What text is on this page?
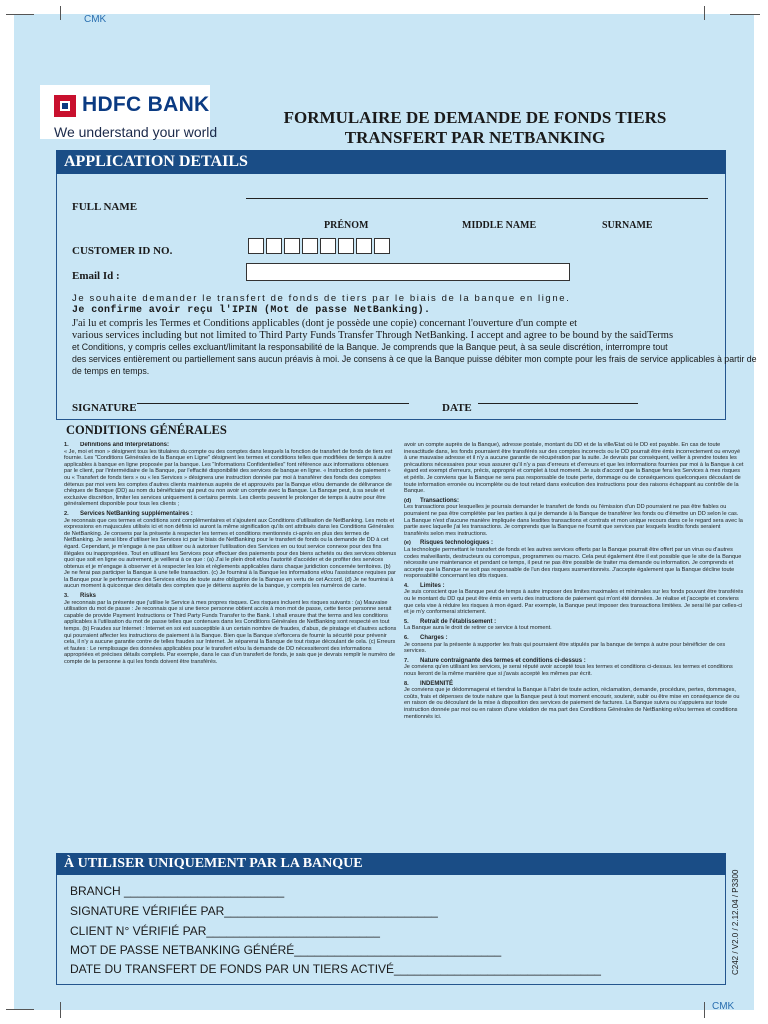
CMK
CMK
HDFC BANK
We understand your world
FORMULAIRE DE DEMANDE DE FONDS TIERS
TRANSFERT PAR NETBANKING
APPLICATION DETAILS
FULL NAME
PRÉNOM	MIDDLE NAME	SURNAME
CUSTOMER ID NO.
Email Id :
Je souhaite demander le transfert de fonds de tiers par le biais de la banque en ligne.
Je confirme avoir reçu l'IPIN (Mot de passe NetBanking).
J'ai lu et compris les Termes et Conditions applicables (dont je possède une copie) concernant l'ouverture d'un compte et
various services including but not limited to Third Party Funds Transfer Through NetBanking. I accept and agree to be bound by the saidTerms
et Conditions, y compris celles excluant/limitant la responsabilité de la Banque. Je comprends que la Banque peut, à sa seule discrétion, interrompre tout
des services entièrement ou partiellement sans aucun préavis à moi. Je consens à ce que la Banque puisse débiter mon compte pour les frais de service applicables à partir de
de temps en temps.
SIGNATURE	DATE
CONDITIONS GÉNÉRALES

1. Definitions and Interpretations:
« Je, moi et mon » désignent tous les titulaires du compte ou des comptes dans lesquels la fonction de transfert de fonds de tiers est fournie. Les "Conditions Générales de la Banque en Ligne" désignent les termes et conditions telles que modifiées de temps à autre applicables à banque en ligne proposée par la banque. Les "Informations Confidentielles" font référence aux informations obtenues par le client, par l'intermédiaire de la Banque, par l'effacité disponibilité des services de banque en ligne. « Instruction de paiement » ou « Transfert de fonds tiers » ou « les Services » désignera une instruction donnée par moi à transférer des fonds des comptes détenus par moi vers les comptes d'autres clients maintenus auprès de et approuvés par la Banque et/ou demande de délivrance de chèques de Banque (DD) au nom du bénéficiaire qui peut ou non avoir un compte avec la Banque. La Banque peut, à sa seule et exclusive discrétion, limiter les services uniquement à certains permis. Les clients peuvent le prolonger de temps à autre pour être généralement disponible pour tous les clients ;

2. Services NetBanking supplémentaires :
Je reconnais que ces termes et conditions sont complémentaires et s'ajoutent aux Conditions d'utilisation de NetBanking. Les mots et expressions en majuscules utilisés ici et non définis ici auront la même signification qu'ils ont attribués dans les Conditions Générales de NetBanking. Je consens par la présente à respecter les termes et conditions mentionnés ci-après en plus des termes de NetBanking. Je serai libre d'utiliser les Services ici par le biais de NetBanking pour le transfert de fonds ou la demande de DD à cet égard. Cependant, je m'engage à ne pas utiliser ou à autoriser l'utilisation des Services en ou tout service connexe pour des fins illégales ou inappropriées. Tout en utilisant les Services pour effectuer des paiements pour des biens achetés ou des services obtenus quoi que soit en ligne ou autrement, je veillerai à ce que : (a) J'ai le plein droit et/ou l'autorité d'accéder et de profiter des services obtenus et je m'engage à observer et à respecter les lois et règlements applicables dans chaque juridiction concernée territoires. (b) Je ne ferai pas participer la Banque à une telle transaction. (c) Je fournirai à la Banque les informations et/ou l'assistance requises par la Banque pour le performance des Services et/ou de toute autre obligation de la Banque en vertu de cet Accord. (d) Je ne fournirai à aucun moment à quiconque des détails des comptes que je détiens auprès de la banque, y compris les numéros de carte.

3. Risks
Je reconnais par la présente que j'utilise le Service à mes propres risques. Ces risques incluent les risques suivants : (a) Mauvaise utilisation du mot de passe : Je reconnais que si une tierce personne obtient accès à mon mot de passe, cette tierce personne serait capable de provide Payment Instructions or Third Party Funds Transfer to the Bank. I shall ensure that the terms and les conditions applicables à l'utilisation du mot de passe telles que contenues dans les Conditions Générales de NetBanking sont respecté en tout temps. (b) Fraudes sur Internet : Internet en soi est susceptible à un certain nombre de fraudes, d'abus, de piratage et d'autres actions qui pourraient affecter les instructions de paiement à la Banque. Bien que la Banque s'efforcera de fournir la sécurité pour prévenir cela, il n'y a aucune garantie contre de telles fraudes sur Internet. Je séparerai la Banque de tout risque découlant de cela. (c) Erreurs et fautes : Le remplissage des données applicables pour le transfert et/ou la demande de DD nécessiteront des informations appropriées et précises détails complets. Par exemple, dans le cas d'un transfert de fonds, je sais que je devrais remplir le numéro de compte de la personne à qui les fonds doivent être transférés.

avoir un compte auprès de la Banque), adresse postale, montant du DD et de la ville/État où le DD est payable. En cas de toute inexactitude dans, les fonds pourraient être transférés sur des comptes incorrects ou le DD pourrait être émis incorrectement ou envoyé à une mauvaise adresse et il n'y a aucune garantie de récupération par la suite. Je devrais par conséquent, veiller à prendre toutes les précautions nécessaires pour vous assurer qu'il n'y a pas d'erreurs et d'erreurs et que les informations fournies par moi à la Banque à cet égard est exempt d'erreurs, précis, approprié et complet à tout moment. Je suis d'accord que la Banque fera les Services à mes risques et périls. Je conviens que la Banque ne sera pas responsable de toute perte, dommage ou de conséquences quelconques découlant de toute information erronée ou incomplète ou de tout retard dans exécution des instructions pour des raisons échappant au contrôle de la Banque.

(d) Transactions:
Les transactions pour lesquelles je pourrais demander le transfert de fonds ou l'émission d'un DD pourraient ne pas être fiables ou pourraient ne pas être complétée par les parties à qui je demande à la Banque de transférer les fonds ou d'émettre un DD selon le cas. La Banque n'est d'aucune manière impliquée dans lesdites transactions et contrats et mon unique recours dans ce le regard sera avec la partie avec laquelle j'ai les transactions. Je comprends que la Banque ne fournit que services par lesquels lesdits fonds seraient transférés selon mes instructions.

(e) Risques technologiques :
La technologie permettant le transfert de fonds et les autres services offerts par la Banque pourrait être offert par un virus ou d'autres codes malveillants, destructeurs ou corrompus, programmes ou macro. Cela peut également être il est possible que le site de la Banque nécessite une maintenance et pendant ce temps, il peut ne pas être possible de traiter ma demande ou information. Je comprends et accepte que la Banque ne soit pas responsable de l'un des risques susmentionnés. J'accepte également que la Banque décline toute responsabilité concernant les dits risques.

4. Limites :
Je suis conscient que la Banque peut de temps à autre imposer des limites maximales et minimales sur les fonds pouvant être transférés ou le montant du DD qui peut être émis en vertu des instructions de paiement qui m'ont été données. Je réalise et j'accepte et conviens que cela vise à réduire les risques à mon égard. Par exemple, la Banque peut imposer des transactions limitées. Je serai lié par celles-ci et je m'y conformerai strictement.

5. Retrait de l'établissement :
La Banque aura le droit de retirer ce service à tout moment.

6. Charges :
Je consens par la présente à supporter les frais qui pourraient être stipulés par la banque de temps à autre pour bénéficier de ces services.

7. Nature contraignante des termes et conditions ci-dessus :
Je conviens qu'en utilisant les services, je serai réputé avoir accepté tous les termes et conditions ci-dessus. les termes et conditions nous lieront de la même manière que si j'avais accepté les mêmes par écrit.

8. INDEMNITÉ
Je conviens que je dédommagerai et tiendrai la Banque à l'abri de toute action, réclamation, demande, procédure, pertes, dommages, coûts, frais et dépenses de toute nature que la Banque peut à tout moment encourir, soutenir, subir ou être mise en conséquence de ou en raison de ou découlant de la mise à disposition des services de paiement de factures. La Banque suivra ou s'appuiera sur toute instruction donnée par moi ou en raison d'une violation de ma part des Conditions Générales de NetBanking et/ou termes et conditions mentionnés ici.

À UTILISER UNIQUEMENT PAR LA BANQUE
BRANCH ________________________
SIGNATURE VÉRIFIÉE PAR________________________________
CLIENT N° VÉRIFIÉ PAR__________________________
MOT DE PASSE NETBANKING GÉNÉRÉ_______________________________
DATE DU TRANSFERT DE FONDS PAR UN TIERS ACTIVÉ_______________________________	C242 / V2.0 / 2.12.04 / P3300
